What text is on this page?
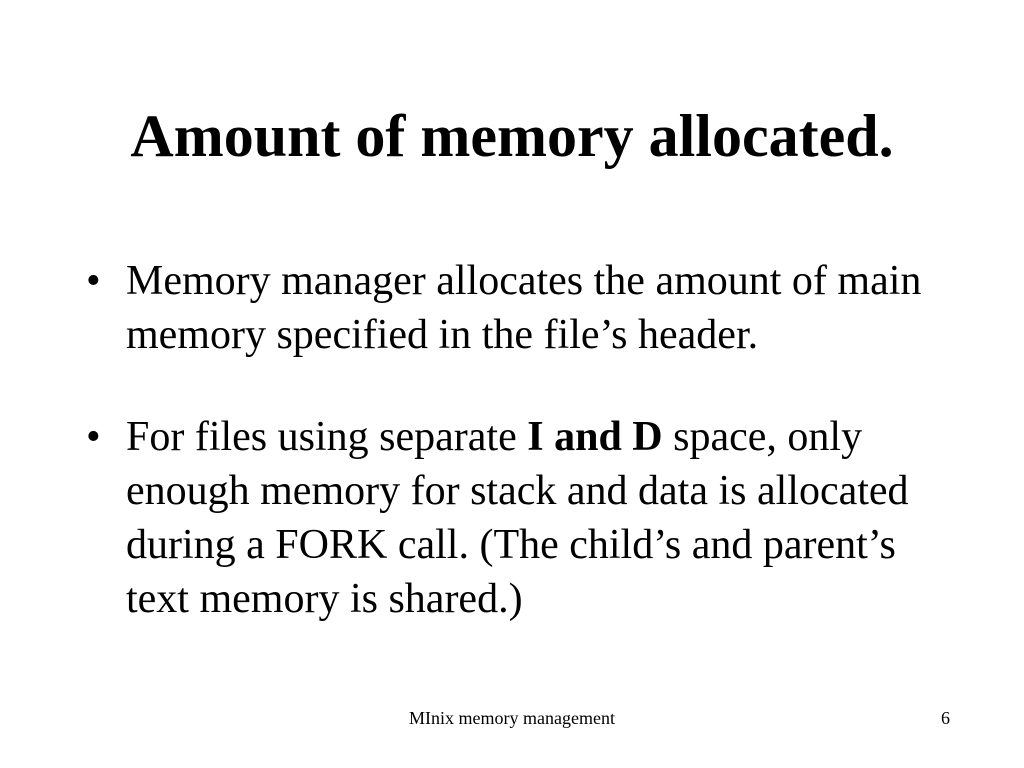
Amount of memory allocated.
• Memory manager allocates the amount of main memory specified in the file’s header.
• For files using separate I and D space, only enough memory for stack and data is allocated during a FORK call. (The child’s and parent’s text memory is shared.)
MInix memory management	6
